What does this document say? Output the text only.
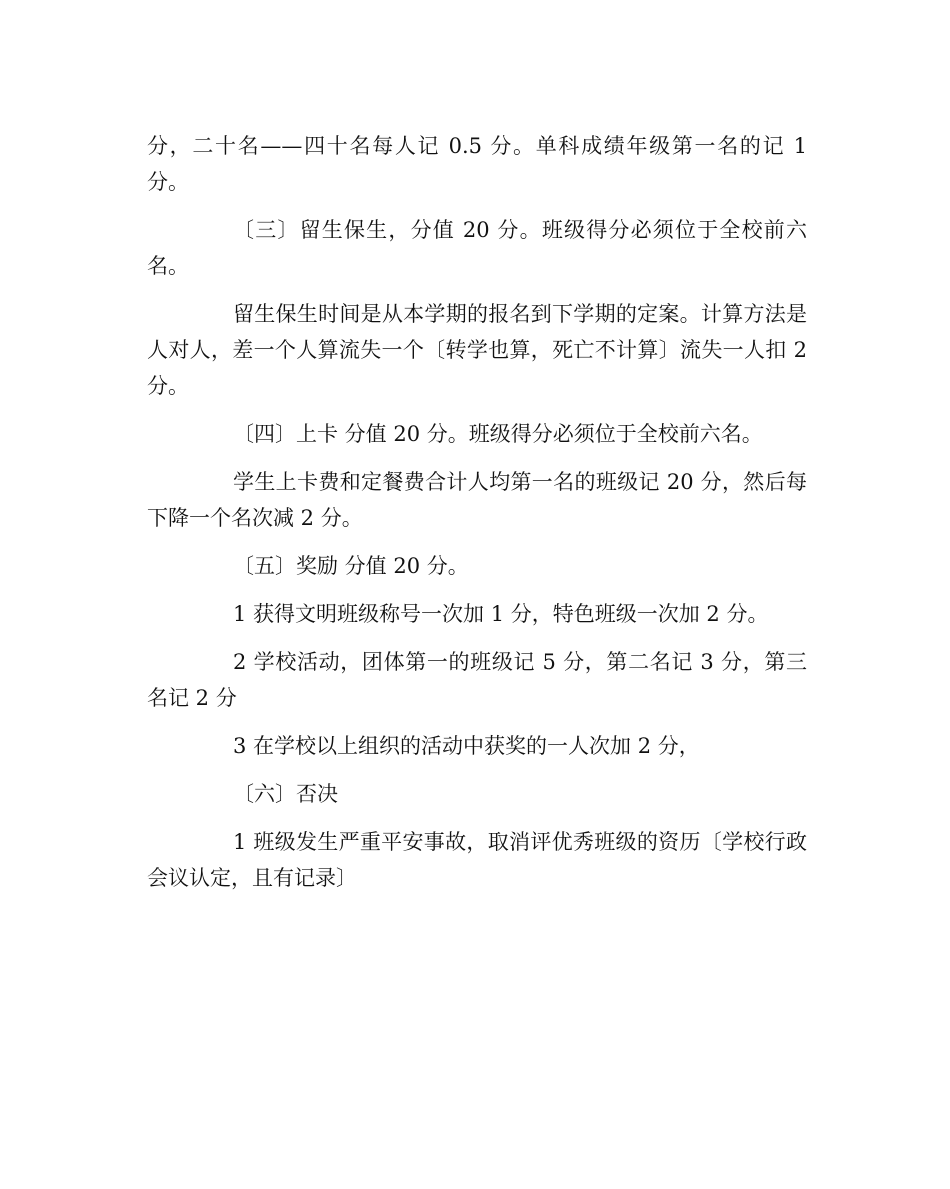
分，二十名——四十名每人记 0.5 分。单科成绩年级第一名的记 1 分。

〔三〕留生保生，分值 20 分。班级得分必须位于全校前六名。

留生保生时间是从本学期的报名到下学期的定案。计算方法是人对人，差一个人算流失一个〔转学也算，死亡不计算〕流失一人扣 2 分。

〔四〕上卡 分值 20 分。班级得分必须位于全校前六名。

学生上卡费和定餐费合计人均第一名的班级记 20 分，然后每下降一个名次减 2 分。

〔五〕奖励 分值 20 分。

1 获得文明班级称号一次加 1 分，特色班级一次加 2 分。

2 学校活动，团体第一的班级记 5 分，第二名记 3 分，第三名记 2 分

3 在学校以上组织的活动中获奖的一人次加 2 分，

〔六〕否决

1 班级发生严重平安事故，取消评优秀班级的资历〔学校行政会议认定，且有记录〕
